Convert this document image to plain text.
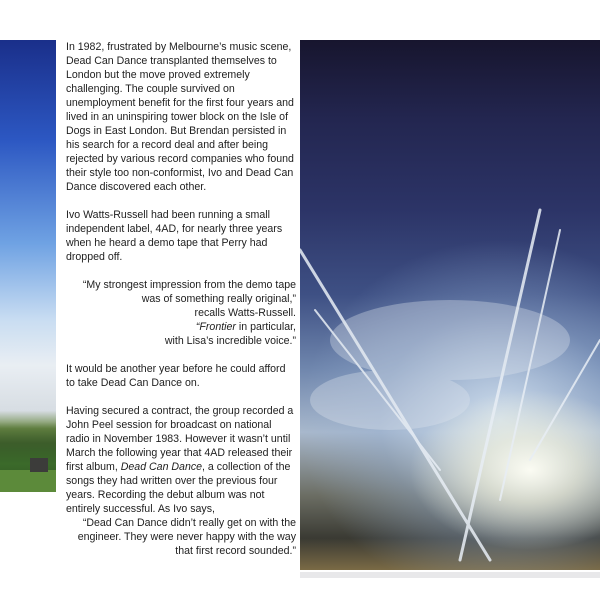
In 1982, frustrated by Melbourne’s music scene, Dead Can Dance transplanted themselves to London but the move proved extremely challenging. The couple survived on unemployment benefit for the first four years and lived in an uninspiring tower block on the Isle of Dogs in East London. But Brendan persisted in his search for a record deal and after being rejected by various record companies who found their style too non-conformist, Ivo and Dead Can Dance discovered each other.

Ivo Watts-Russell had been running a small independent label, 4AD, for nearly three years when he heard a demo tape that Perry had dropped off.

“My strongest impression from the demo tape was of something really original,”
recalls Watts-Russell.
“Frontier in particular,
with Lisa’s incredible voice.”

It would be another year before he could afford to take Dead Can Dance on.

Having secured a contract, the group recorded a John Peel session for broadcast on national radio in November 1983. However it wasn’t until March the following year that 4AD released their first album, Dead Can Dance, a collection of the songs they had written over the previous four years. Recording the debut album was not entirely successful. As Ivo says,

“Dead Can Dance didn’t really get on with the engineer. They were never happy with the way that first record sounded.”
